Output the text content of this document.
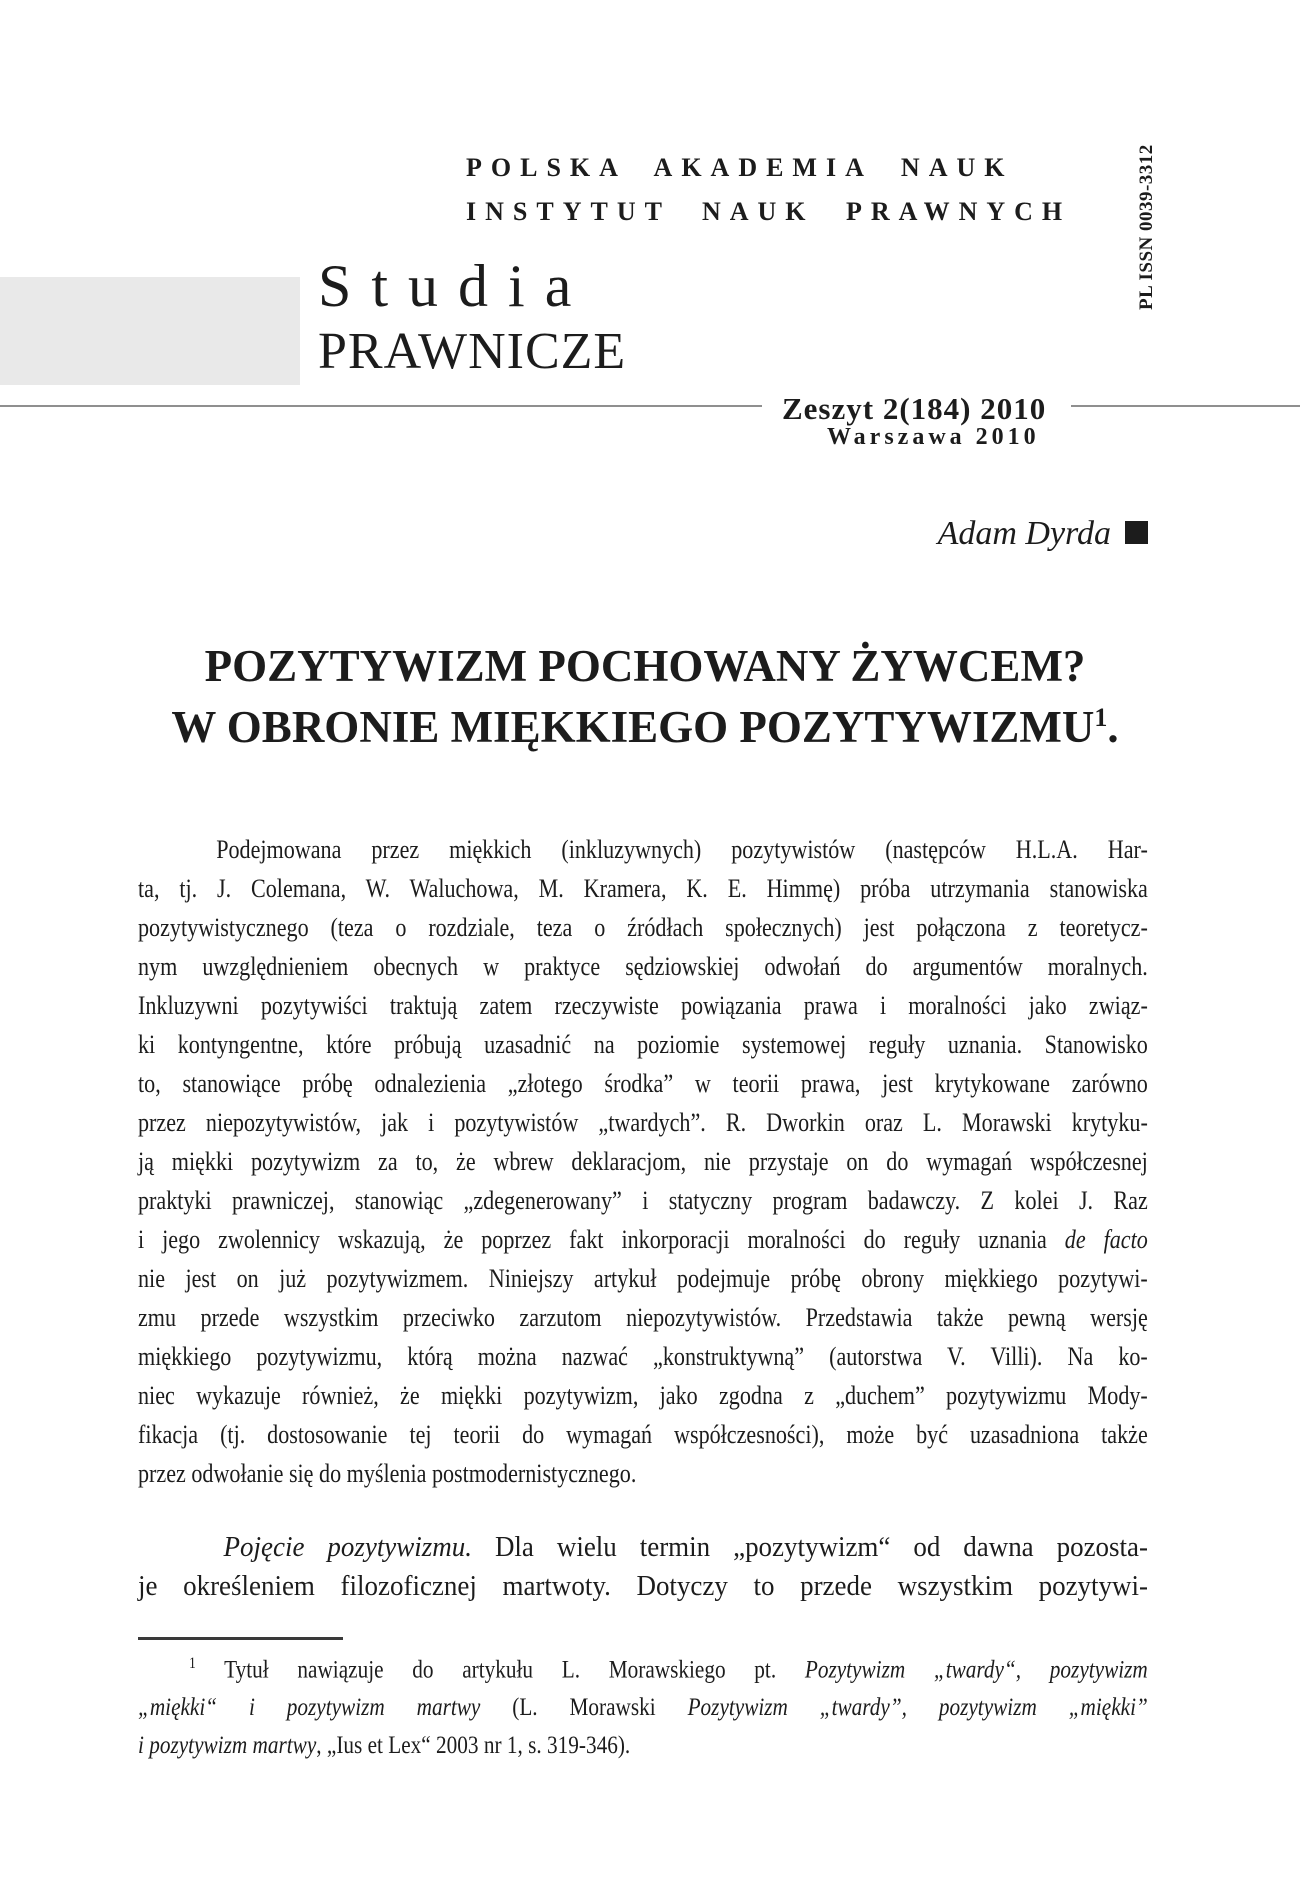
POLSKA AKADEMIA NAUK
INSTYTUT NAUK PRAWNYCH	PL ISSN 0039-3312
Studia
PRAWNICZE
Zeszyt 2(184) 2010
Warszawa 2010
Adam Dyrda
POZYTYWIZM POCHOWANY ŻYWCEM?
W OBRONIE MIĘKKIEGO POZYTYWIZMU$^1$.
Podejmowana przez miękkich (inkluzywnych) pozytywistów (następców H.L.A. Har-
ta, tj. J. Colemana, W. Waluchowa, M. Kramera, K. E. Himmę) próba utrzymania stanowiska
pozytywistycznego (teza o rozdziale, teza o źródłach społecznych) jest połączona z teoretycz-
nym uwzględnieniem obecnych w praktyce sędziowskiej odwołań do argumentów moralnych.
Inkluzywni pozytywiści traktują zatem rzeczywiste powiązania prawa i moralności jako związ-
ki kontyngentne, które próbują uzasadnić na poziomie systemowej reguły uznania. Stanowisko
to, stanowiące próbę odnalezienia „złotego środka” w teorii prawa, jest krytykowane zarówno
przez niepozytywistów, jak i pozytywistów „twardych”. R. Dworkin oraz L. Morawski krytyku-
ją miękki pozytywizm za to, że wbrew deklaracjom, nie przystaje on do wymagań współczesnej
praktyki prawniczej, stanowiąc „zdegenerowany” i statyczny program badawczy. Z kolei J. Raz
i jego zwolennicy wskazują, że poprzez fakt inkorporacji moralności do reguły uznania de facto
nie jest on już pozytywizmem. Niniejszy artykuł podejmuje próbę obrony miękkiego pozytywi-
zmu przede wszystkim przeciwko zarzutom niepozytywistów. Przedstawia także pewną wersję
miękkiego pozytywizmu, którą można nazwać „konstruktywną” (autorstwa V. Villi). Na ko-
niec wykazuje również, że miękki pozytywizm, jako zgodna z „duchem” pozytywizmu Mody-
fikacja (tj. dostosowanie tej teorii do wymagań współczesności), może być uzasadniona także
przez odwołanie się do myślenia postmodernistycznego.
Pojęcie pozytywizmu. Dla wielu termin „pozytywizm“ od dawna pozosta-
je określeniem filozoficznej martwoty. Dotyczy to przede wszystkim pozytywi-
$^1$ Tytuł nawiązuje do artykułu L. Morawskiego pt. Pozytywizm „twardy“, pozytywizm
„miękki“ i pozytywizm martwy (L. Morawski Pozytywizm „twardy”, pozytywizm „miękki”
i pozytywizm martwy, „Ius et Lex“ 2003 nr 1, s. 319-346).
